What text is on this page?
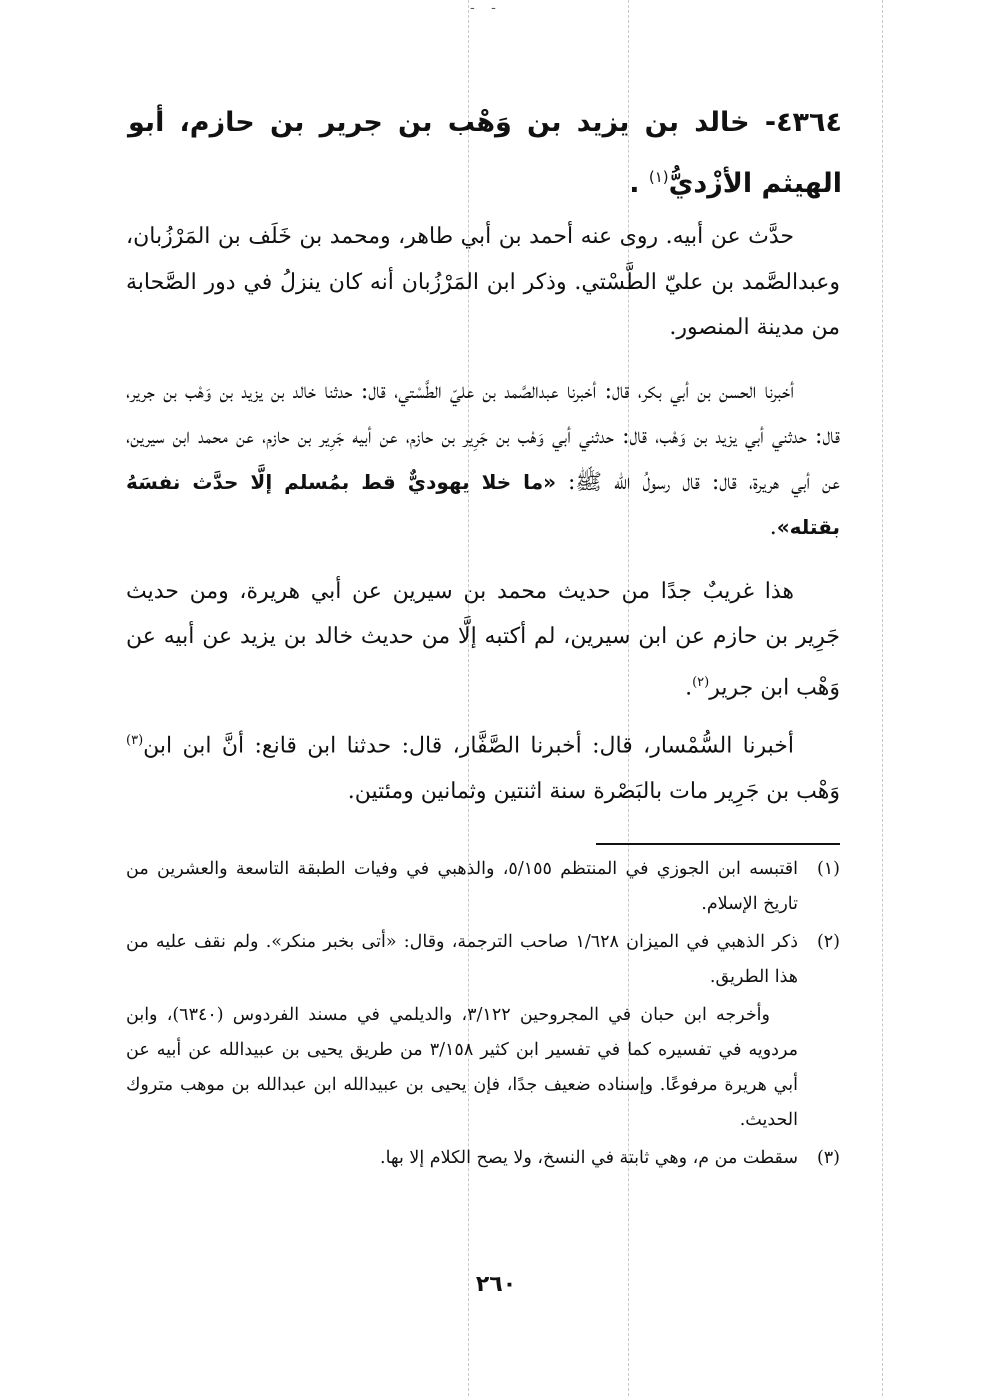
- -
٤٣٦٤- خالد بن يزيد بن وَهْب بن جرير بن حازم، أبو الهيثم الأزْديُّ$^{(١)}$ .

حدَّث عن أبيه. روى عنه أحمد بن أبي طاهر، ومحمد بن خَلَف بن المَرْزُبان، وعبدالصَّمد بن عليّ الطَّسْتي. وذكر ابن المَرْزُبان أنه كان ينزلُ في دور الصَّحابة من مدينة المنصور.

أخبرنا الحسن بن أبي بكر، قال: أخبرنا عبدالصَّمد بن عليّ الطَّسْتي، قال: حدثنا خالد بن يزيد بن وَهْب بن جرير، قال: حدثني أبي يزيد بن وَهْب، قال: حدثني أبي وَهْب بن جَرِير بن حازم، عن أبيه جَرِير بن حازم، عن محمد ابن سيرين، عن أبي هريرة، قال: قال رسولُ الله ﷺ: «ما خلا يهوديٌّ قط بمُسلم إلَّا حدَّث نفسَهُ بقتله».

هذا غريبٌ جدًا من حديث محمد بن سيرين عن أبي هريرة، ومن حديث جَرِير بن حازم عن ابن سيرين، لم أكتبه إلَّا من حديث خالد بن يزيد عن أبيه عن وَهْب ابن جرير$^{(٢)}$.

أخبرنا السُّمْسار، قال: أخبرنا الصَّفَّار، قال: حدثنا ابن قانع: أنَّ ابن ابن$^{(٣)}$ وَهْب بن جَرِير مات بالبَصْرة سنة اثنتين وثمانين ومئتين.

(١)
اقتبسه ابن الجوزي في المنتظم ٥/١٥٥، والذهبي في وفيات الطبقة التاسعة والعشرين من تاريخ الإسلام.
(٢)
ذكر الذهبي في الميزان ١/٦٢٨ صاحب الترجمة، وقال: «أتى بخبر منكر». ولم نقف عليه من هذا الطريق.

وأخرجه ابن حبان في المجروحين ٣/١٢٢، والديلمي في مسند الفردوس (٦٣٤٠)، وابن مردويه في تفسيره كما في تفسير ابن كثير ٣/١٥٨ من طريق يحيى بن عبيدالله عن أبيه عن أبي هريرة مرفوعًا. وإسناده ضعيف جدًا، فإن يحيى بن عبيدالله ابن عبدالله بن موهب متروك الحديث.

(٣)
سقطت من م، وهي ثابتة في النسخ، ولا يصح الكلام إلا بها.
٢٦٠
